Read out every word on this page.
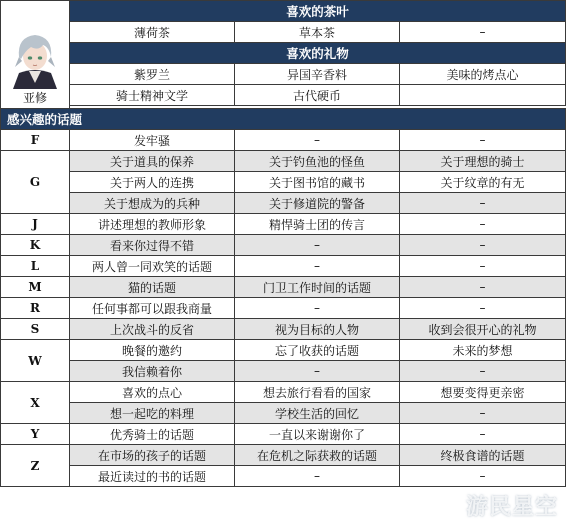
亚修	喜欢的茶叶		
	薄荷茶	草本茶	–
	喜欢的礼物		
	紫罗兰	异国辛香料	美味的烤点心
	骑士精神文学	古代硬币	

感兴趣的话题			
F	发牢骚	–	–
G	关于道具的保养	关于钓鱼池的怪鱼	关于理想的骑士
	关于两人的连携	关于图书馆的藏书	关于纹章的有无
	关于想成为的兵种	关于修道院的警备	–
J	讲述理想的教师形象	精悍骑士团的传言	–
K	看来你过得不错	–	–
L	两人曾一同欢笑的话题	–	–
M	猫的话题	门卫工作时间的话题	–
R	任何事都可以跟我商量	–	–
S	上次战斗的反省	视为目标的人物	收到会很开心的礼物
W	晚餐的邀约	忘了收获的话题	未来的梦想
	我信赖着你	–	–
X	喜欢的点心	想去旅行看看的国家	想要变得更亲密
	想一起吃的料理	学校生活的回忆	–
Y	优秀骑士的话题	一直以来谢谢你了	–
Z	在市场的孩子的话题	在危机之际获救的话题	终极食谱的话题
	最近读过的书的话题	–	–
游民星空
